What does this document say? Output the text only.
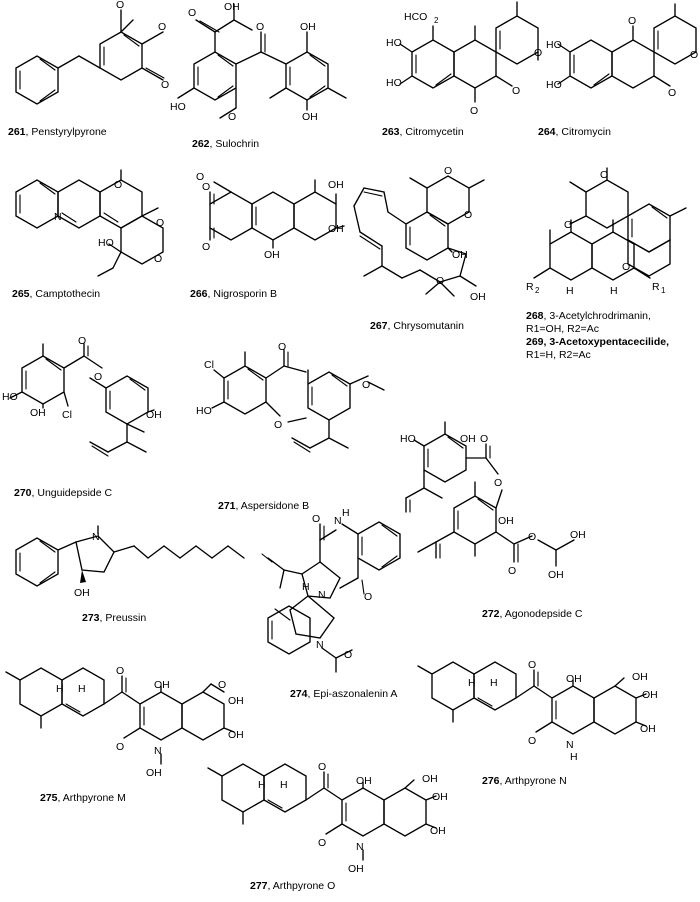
O
O
O
261, Penstyrylpyrone
O
O	OH
HO
O
OH
OH
262, Sulochrin
HCO 2
HO
HO
O
O
O
263, Citromycetin
HO
HO
O
O
O
264, Citromycin
N
O
HO
O
O
265, Camptothecin
O
O
O
OH
OH
OH
266, Nigrosporin B
O
O
OH
O
OH
267, Chrysomutanin
O
O
O
R 2	R 1
H	H
268, 3-Acetylchrodrimanin,
R1=OH, R2=Ac
269, 3-Acetoxypentacecilide,
R1=H, R2=Ac
HO
OH Cl
O
O
OH
270, Unguidepside C
Cl
HO
O
O
O
271, Aspersidone B
HO	OH O
O
OH
O
O
OH
OH
272, Agonodepside C
N
OH
273, Preussin
N
H
O
O
N
N
O
H
274, Epi-aszonalenin A
H H
O
OH
O	N
OH
O
OH
OH
275, Arthpyrone M
H H
O
OH
O	N
H
OH
OH
OH
276, Arthpyrone N
H H
O
OH
O	N
OH
OH
OH
OH
277, Arthpyrone O
